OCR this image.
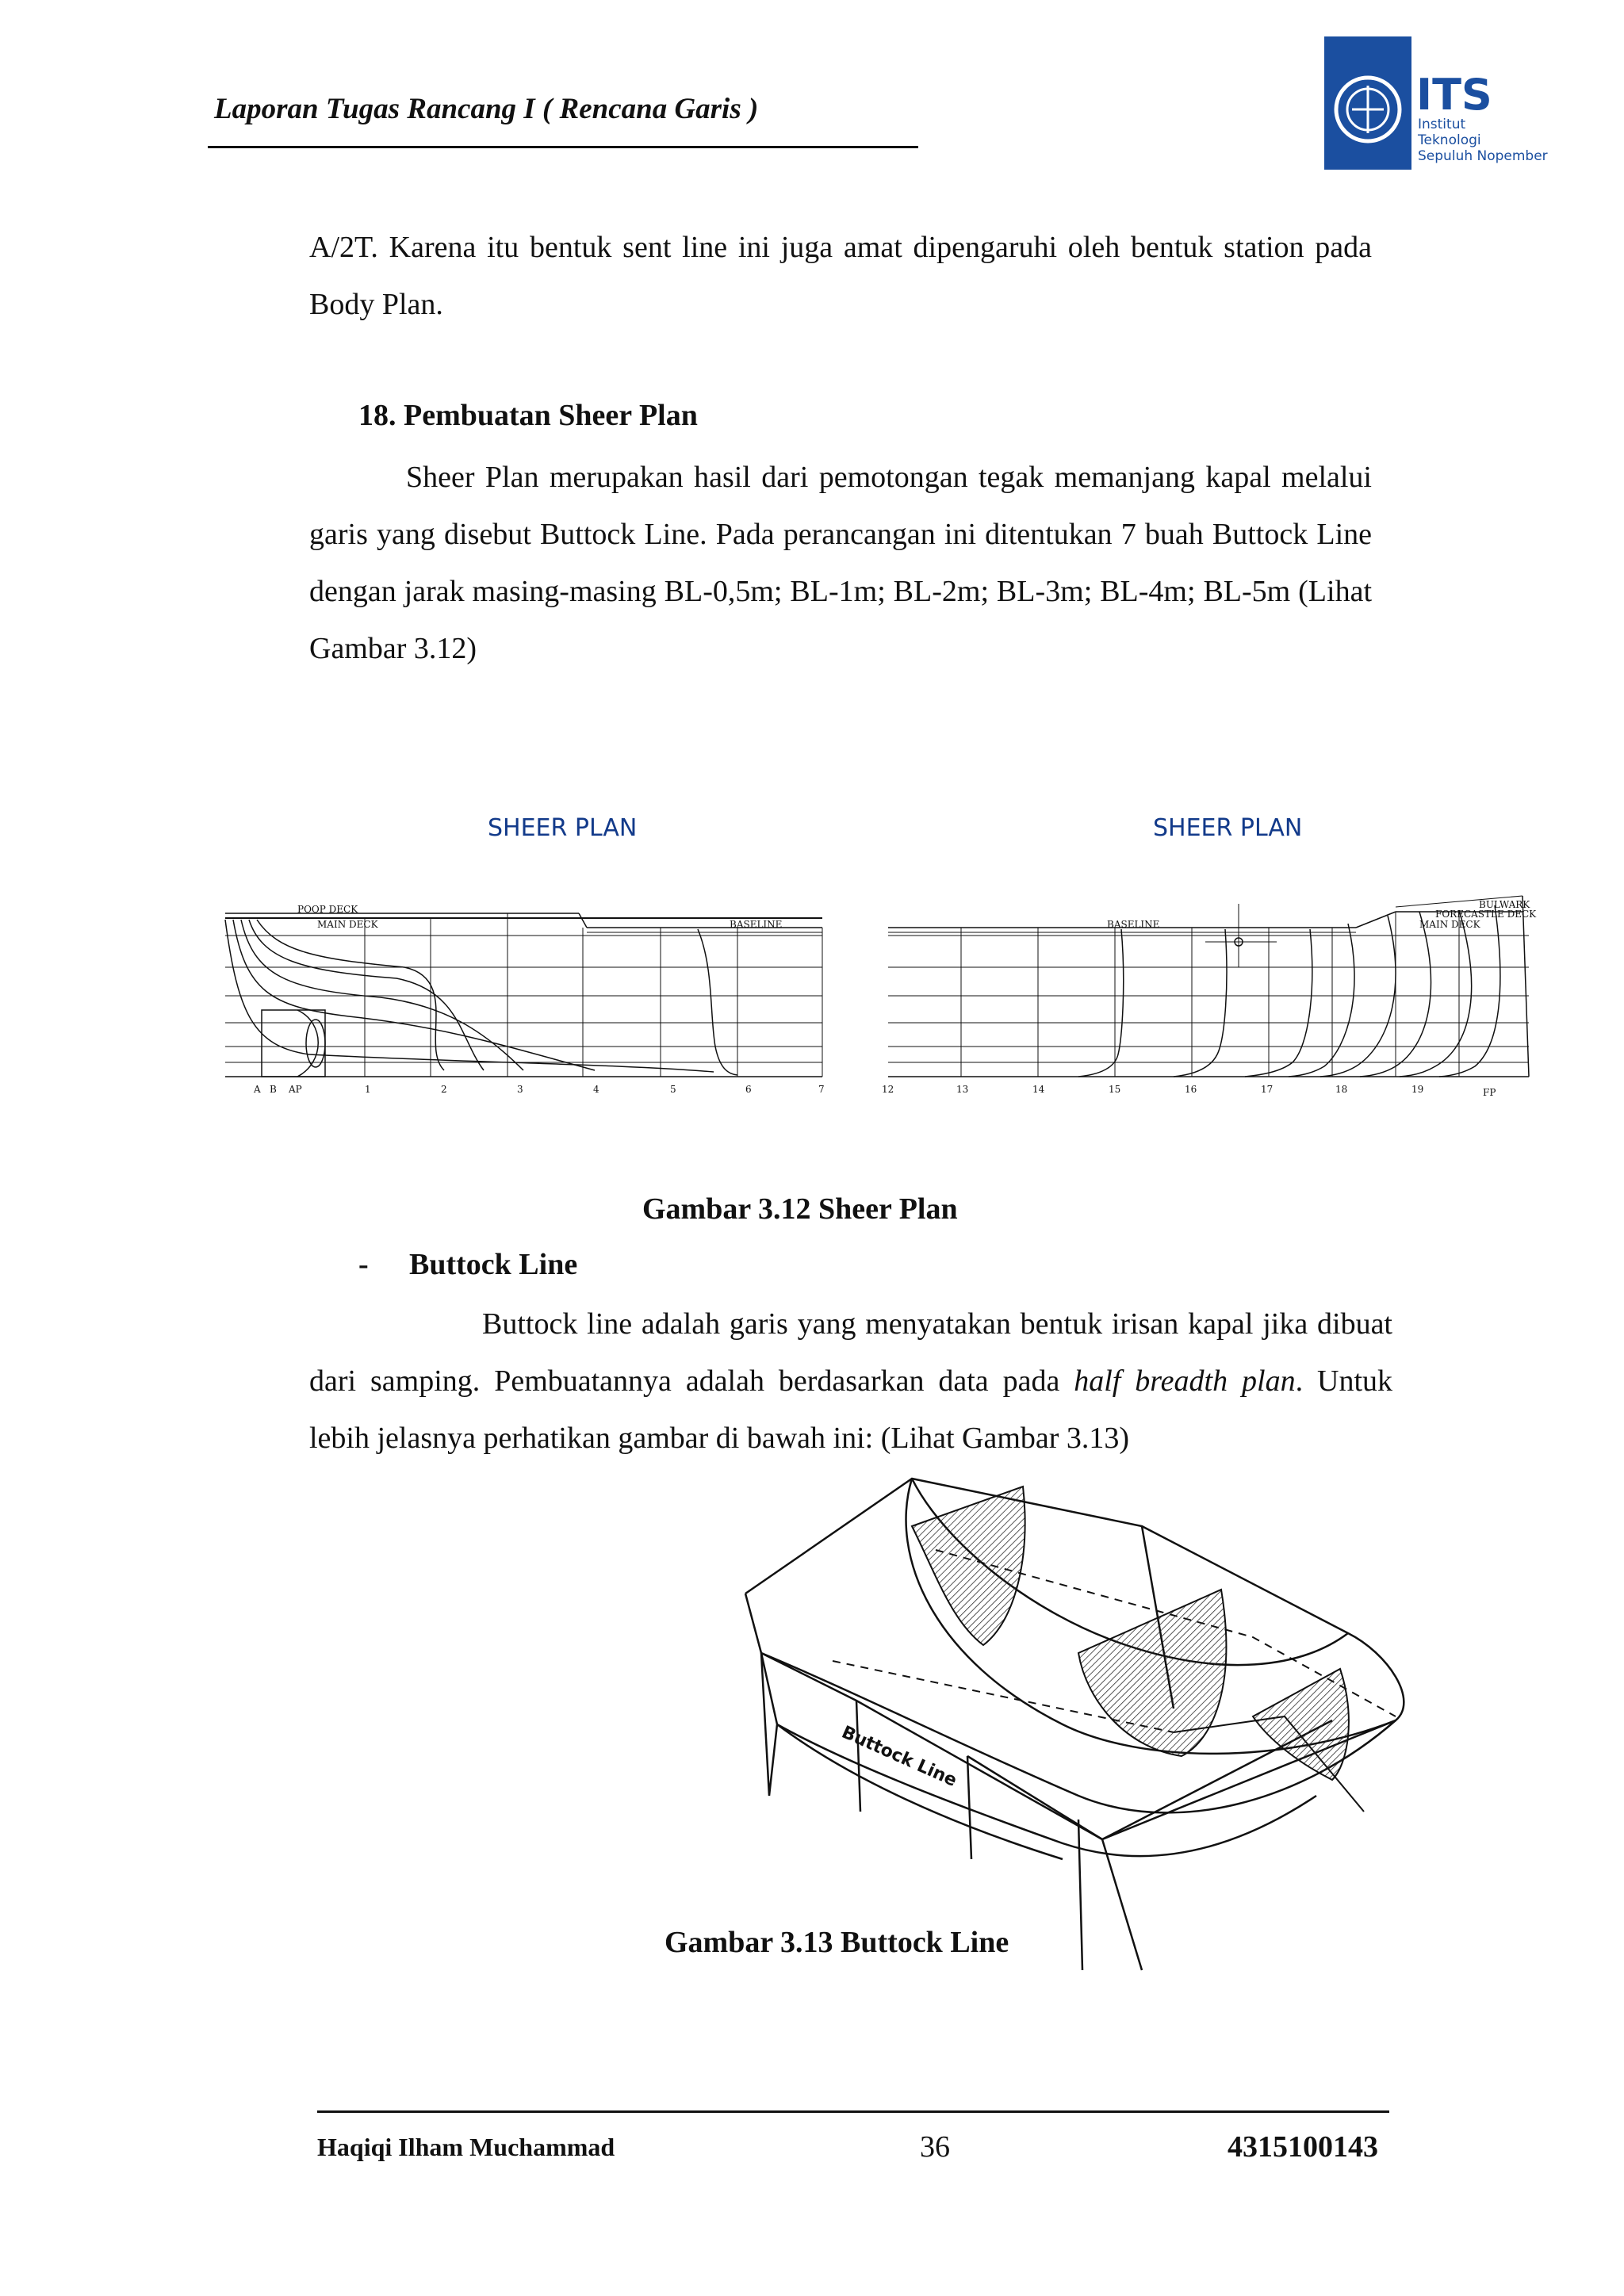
Laporan Tugas Rancang I ( Rencana Garis )	ITS
Institut
Teknologi
Sepuluh Nopember

A/2T. Karena itu bentuk sent line ini juga amat dipengaruhi oleh bentuk station pada Body Plan.

18. Pembuatan Sheer Plan

Sheer Plan merupakan hasil dari pemotongan tegak memanjang kapal melalui garis yang disebut Buttock Line. Pada perancangan ini ditentukan 7 buah Buttock Line dengan jarak masing-masing BL-0,5m; BL-1m; BL-2m; BL-3m; BL-4m; BL-5m (Lihat Gambar 3.12)

SHEER PLAN	SHEER PLAN
POOP DECK
MAIN DECK	BASELINE
A B AP	1	2	3	4	5	6	7
BULWARK
FORECASTLE DECK
MAIN DECK
BASELINE
12	13	14	15	16	17	18	19	FP
Gambar 3.12 Sheer Plan
- Buttock Line

Buttock line adalah garis yang menyatakan bentuk irisan kapal jika dibuat dari samping. Pembuatannya adalah berdasarkan data pada half breadth plan. Untuk lebih jelasnya perhatikan gambar di bawah ini: (Lihat Gambar 3.13)

Buttock Line
Gambar 3.13 Buttock Line
Haqiqi Ilham Muchammad	36	4315100143
